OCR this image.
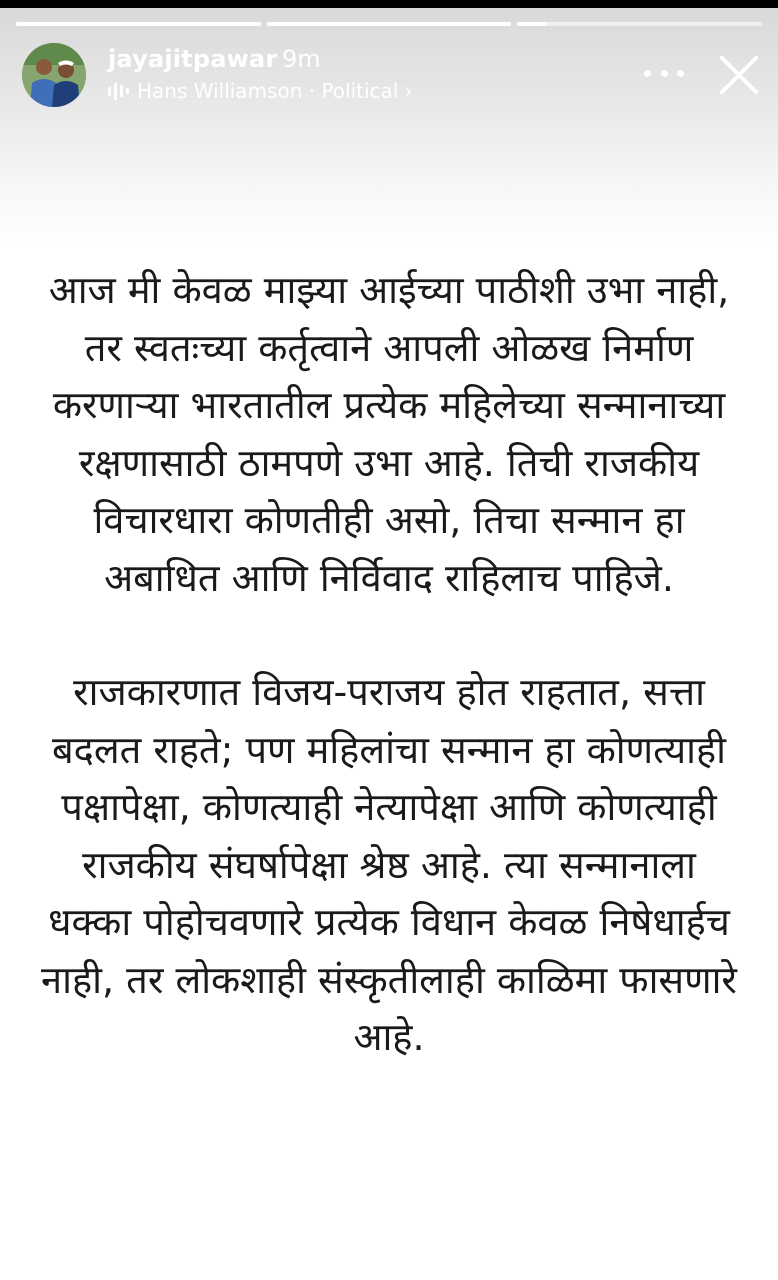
jayajitpawar 9m
Hans Williamson · Political ›

आज मी केवळ माझ्या आईच्या पाठीशी उभा नाही, तर स्वतःच्या कर्तृत्वाने आपली ओळख निर्माण करणाऱ्या भारतातील प्रत्येक महिलेच्या सन्मानाच्या रक्षणासाठी ठामपणे उभा आहे. तिची राजकीय विचारधारा कोणतीही असो, तिचा सन्मान हा अबाधित आणि निर्विवाद राहिलाच पाहिजे.

राजकारणात विजय-पराजय होत राहतात, सत्ता बदलत राहते; पण महिलांचा सन्मान हा कोणत्याही पक्षापेक्षा, कोणत्याही नेत्यापेक्षा आणि कोणत्याही राजकीय संघर्षापेक्षा श्रेष्ठ आहे. त्या सन्मानाला धक्का पोहोचवणारे प्रत्येक विधान केवळ निषेधार्हच नाही, तर लोकशाही संस्कृतीलाही काळिमा फासणारे आहे.
